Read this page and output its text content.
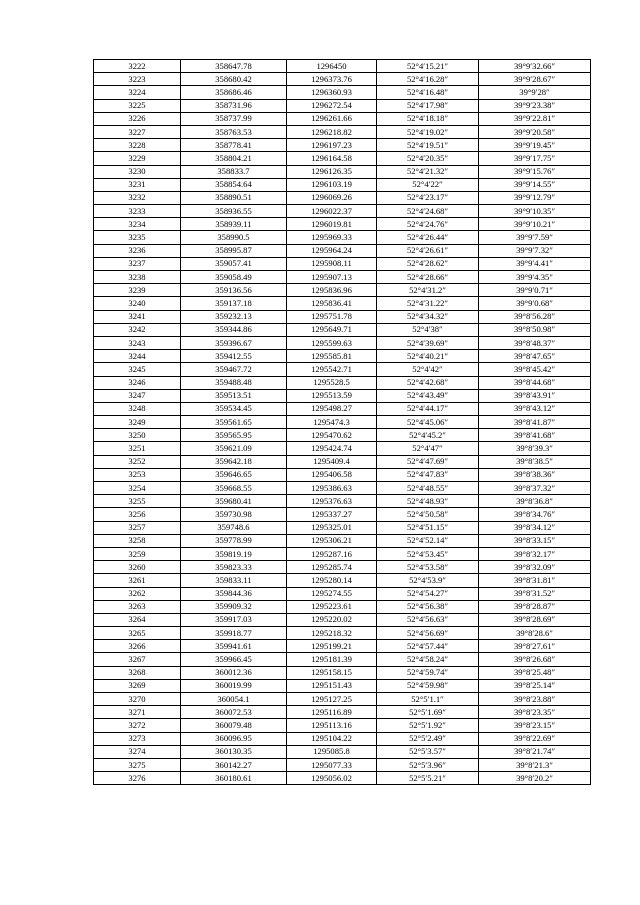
3222	358647.78	1296450	52°4′15.21″	39°9′32.66″
3223	358680.42	1296373.76	52°4′16.28″	39°9′28.67″
3224	358686.46	1296360.93	52°4′16.48″	39°9′28″
3225	358731.96	1296272.54	52°4′17.98″	39°9′23.38″
3226	358737.99	1296261.66	52°4′18.18″	39°9′22.81″
3227	358763.53	1296218.82	52°4′19.02″	39°9′20.58″
3228	358778.41	1296197.23	52°4′19.51″	39°9′19.45″
3229	358804.21	1296164.58	52°4′20.35″	39°9′17.75″
3230	358833.7	1296126.35	52°4′21.32″	39°9′15.76″
3231	358854.64	1296103.19	52°4′22″	39°9′14.55″
3232	358890.51	1296069.26	52°4′23.17″	39°9′12.79″
3233	358936.55	1296022.37	52°4′24.68″	39°9′10.35″
3234	358939.11	1296019.81	52°4′24.76″	39°9′10.21″
3235	358990.5	1295969.33	52°4′26.44″	39°9′7.59″
3236	358995.87	1295964.24	52°4′26.61″	39°9′7.32″
3237	359057.41	1295908.11	52°4′28.62″	39°9′4.41″
3238	359058.49	1295907.13	52°4′28.66″	39°9′4.35″
3239	359136.56	1295836.96	52°4′31.2″	39°9′0.71″
3240	359137.18	1295836.41	52°4′31.22″	39°9′0.68″
3241	359232.13	1295751.78	52°4′34.32″	39°8′56.28″
3242	359344.86	1295649.71	52°4′38″	39°8′50.98″
3243	359396.67	1295599.63	52°4′39.69″	39°8′48.37″
3244	359412.55	1295585.81	52°4′40.21″	39°8′47.65″
3245	359467.72	1295542.71	52°4′42″	39°8′45.42″
3246	359488.48	1295528.5	52°4′42.68″	39°8′44.68″
3247	359513.51	1295513.59	52°4′43.49″	39°8′43.91″
3248	359534.45	1295498.27	52°4′44.17″	39°8′43.12″
3249	359561.65	1295474.3	52°4′45.06″	39°8′41.87″
3250	359565.95	1295470.62	52°4′45.2″	39°8′41.68″
3251	359621.09	1295424.74	52°4′47″	39°8′39.3″
3252	359642.18	1295409.4	52°4′47.69″	39°8′38.5″
3253	359646.65	1295406.58	52°4′47.83″	39°8′38.36″
3254	359668.55	1295386.63	52°4′48.55″	39°8′37.32″
3255	359680.41	1295376.63	52°4′48.93″	39°8′36.8″
3256	359730.98	1295337.27	52°4′50.58″	39°8′34.76″
3257	359748.6	1295325.01	52°4′51.15″	39°8′34.12″
3258	359778.99	1295306.21	52°4′52.14″	39°8′33.15″
3259	359819.19	1295287.16	52°4′53.45″	39°8′32.17″
3260	359823.33	1295285.74	52°4′53.58″	39°8′32.09″
3261	359833.11	1295280.14	52°4′53.9″	39°8′31.81″
3262	359844.36	1295274.55	52°4′54.27″	39°8′31.52″
3263	359909.32	1295223.61	52°4′56.38″	39°8′28.87″
3264	359917.03	1295220.02	52°4′56.63″	39°8′28.69″
3265	359918.77	1295218.32	52°4′56.69″	39°8′28.6″
3266	359941.61	1295199.21	52°4′57.44″	39°8′27.61″
3267	359966.45	1295181.39	52°4′58.24″	39°8′26.68″
3268	360012.36	1295158.15	52°4′59.74″	39°8′25.48″
3269	360019.99	1295151.43	52°4′59.98″	39°8′25.14″
3270	360054.1	1295127.25	52°5′1.1″	39°8′23.88″
3271	360072.53	1295116.89	52°5′1.69″	39°8′23.35″
3272	360079.48	1295113.16	52°5′1.92″	39°8′23.15″
3273	360096.95	1295104.22	52°5′2.49″	39°8′22.69″
3274	360130.35	1295085.8	52°5′3.57″	39°8′21.74″
3275	360142.27	1295077.33	52°5′3.96″	39°8′21.3″
3276	360180.61	1295056.02	52°5′5.21″	39°8′20.2″
